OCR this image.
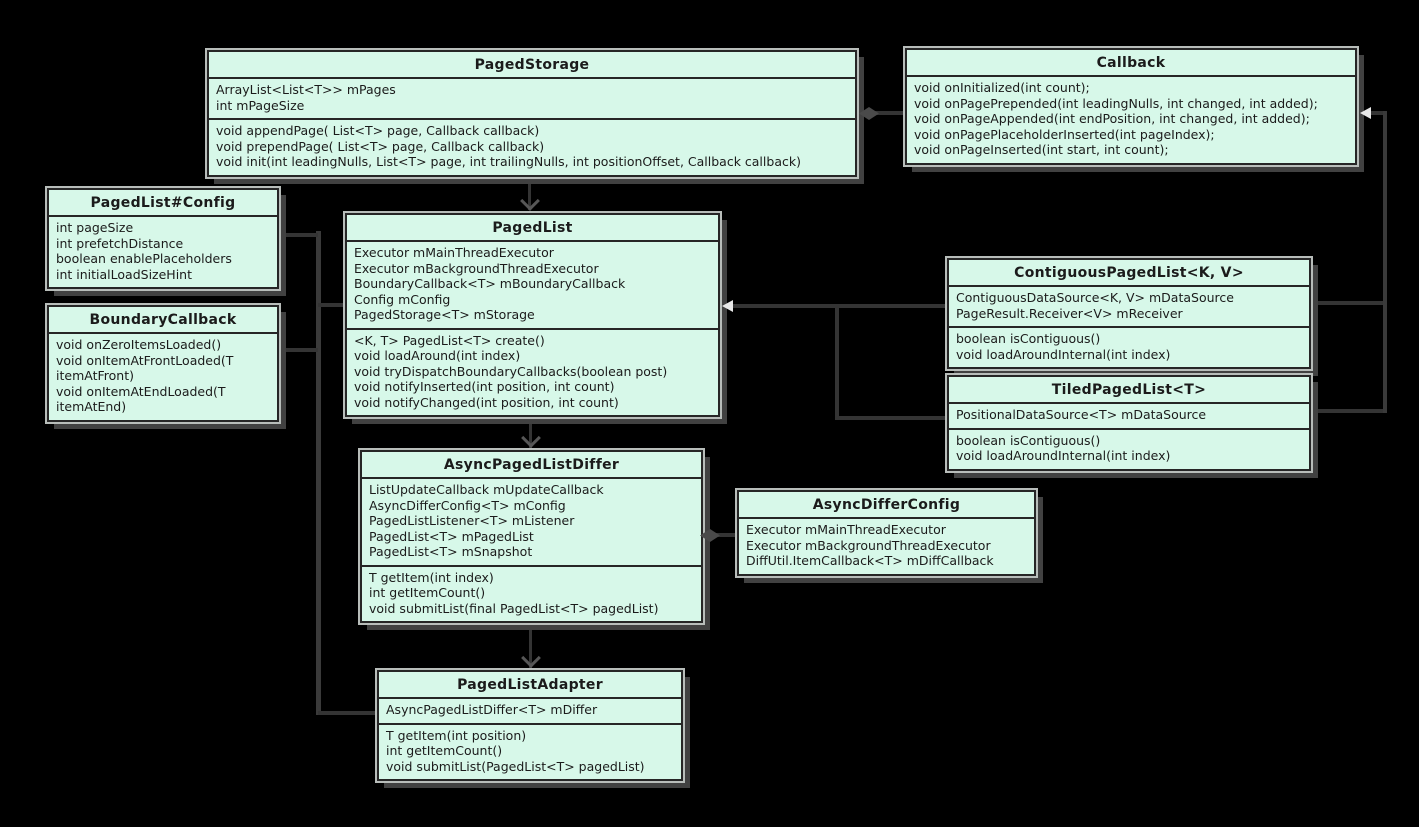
PagedStorage
ArrayList<List<T>> mPages
int mPageSize
void appendPage( List<T> page, Callback callback)
void prependPage( List<T> page, Callback callback)
void init(int leadingNulls, List<T> page, int trailingNulls, int positionOffset, Callback callback)
Callback
void onInitialized(int count);
void onPagePrepended(int leadingNulls, int changed, int added);
void onPageAppended(int endPosition, int changed, int added);
void onPagePlaceholderInserted(int pageIndex);
void onPageInserted(int start, int count);
PagedList#Config
int pageSize
int prefetchDistance
boolean enablePlaceholders
int initialLoadSizeHint
BoundaryCallback
void onZeroItemsLoaded()
void onItemAtFrontLoaded(T itemAtFront)
void onItemAtEndLoaded(T itemAtEnd)
PagedList
Executor mMainThreadExecutor
Executor mBackgroundThreadExecutor
BoundaryCallback<T> mBoundaryCallback
Config mConfig
PagedStorage<T> mStorage
<K, T> PagedList<T> create()
void loadAround(int index)
void tryDispatchBoundaryCallbacks(boolean post)
void notifyInserted(int position, int count)
void notifyChanged(int position, int count)
ContiguousPagedList<K, V>
ContiguousDataSource<K, V> mDataSource
PageResult.Receiver<V> mReceiver
boolean isContiguous()
void loadAroundInternal(int index)
TiledPagedList<T>
PositionalDataSource<T> mDataSource
boolean isContiguous()
void loadAroundInternal(int index)
AsyncPagedListDiffer
ListUpdateCallback mUpdateCallback
AsyncDifferConfig<T> mConfig
PagedListListener<T> mListener
PagedList<T> mPagedList
PagedList<T> mSnapshot
T getItem(int index)
int getItemCount()
void submitList(final PagedList<T> pagedList)
AsyncDifferConfig
Executor mMainThreadExecutor
Executor mBackgroundThreadExecutor
DiffUtil.ItemCallback<T> mDiffCallback
PagedListAdapter
AsyncPagedListDiffer<T> mDiffer
T getItem(int position)
int getItemCount()
void submitList(PagedList<T> pagedList)
